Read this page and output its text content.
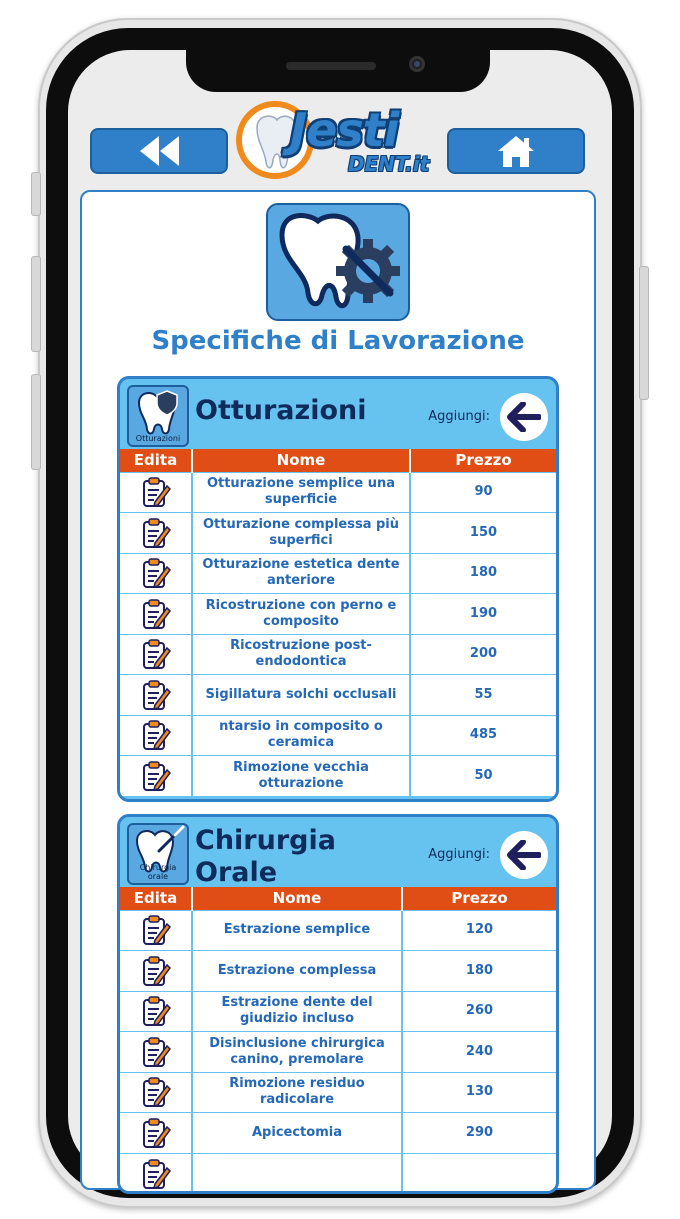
Jesti
DENT.it
Specifiche di Lavorazione
Otturazioni
Otturazioni	Aggiungi:
Edita	Nome	Prezzo
	Otturazione semplice una superficie	90
	Otturazione complessa più superfici	150
	Otturazione estetica dente anteriore	180
	Ricostruzione con perno e composito	190
	Ricostruzione post-endodontica	200
	Sigillatura solchi occlusali	55
	ntarsio in composito o ceramica	485
	Rimozione vecchia otturazione	50
Chirurgia orale
Chirurgia Orale
Aggiungi:
Edita	Nome	Prezzo
	Estrazione semplice	120
	Estrazione complessa	180
	Estrazione dente del giudizio incluso	260
	Disinclusione chirurgica canino, premolare	240
	Rimozione residuo radicolare	130
	Apicectomia	290
